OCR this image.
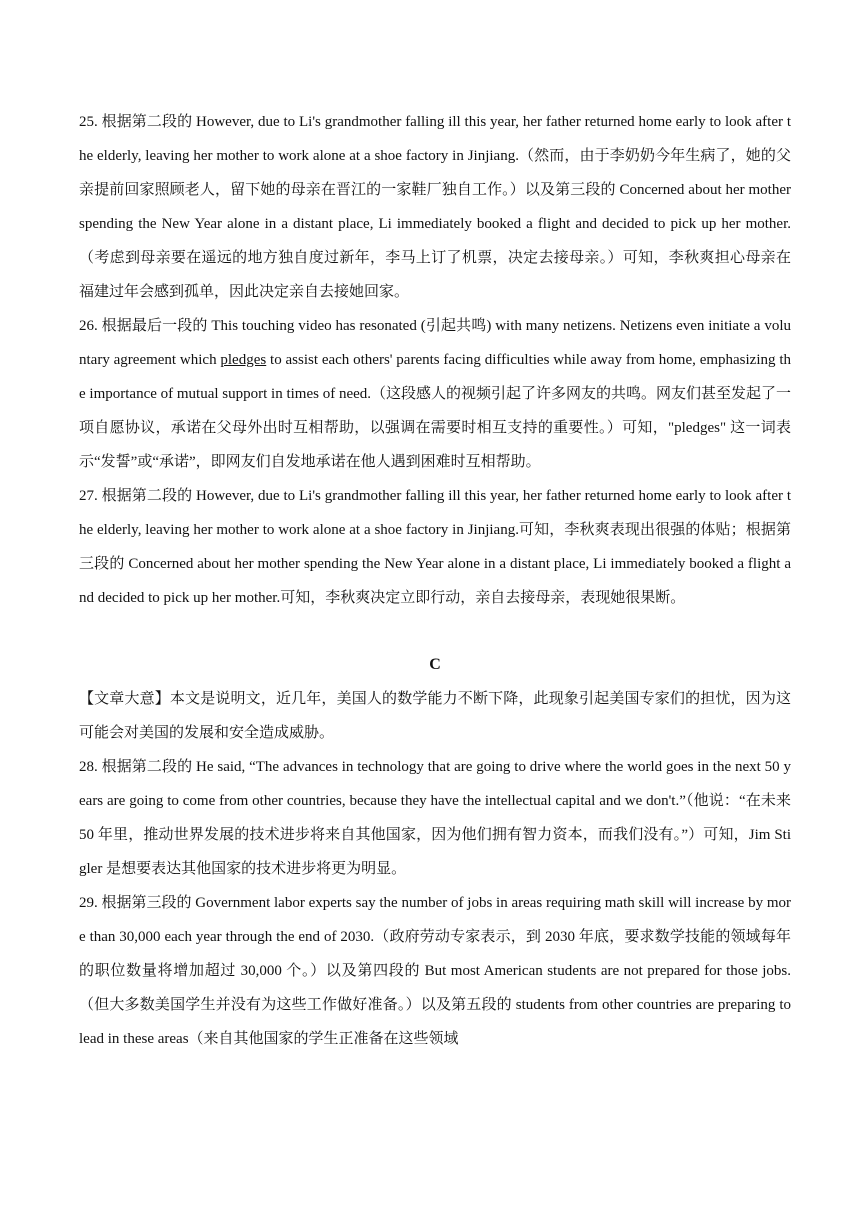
25. 根据第二段的 However, due to Li's grandmother falling ill this year, her father returned home early to look after the elderly, leaving her mother to work alone at a shoe factory in Jinjiang.（然而，由于李奶奶今年生病了，她的父亲提前回家照顾老人，留下她的母亲在晋江的一家鞋厂独自工作。）以及第三段的 Concerned about her mother spending the New Year alone in a distant place, Li immediately booked a flight and decided to pick up her mother.（考虑到母亲要在遥远的地方独自度过新年，李马上订了机票，决定去接母亲。）可知，李秋爽担心母亲在福建过年会感到孤单，因此决定亲自去接她回家。

26. 根据最后一段的 This touching video has resonated (引起共鸣) with many netizens. Netizens even initiate a voluntary agreement which pledges to assist each others' parents facing difficulties while away from home, emphasizing the importance of mutual support in times of need.（这段感人的视频引起了许多网友的共鸣。网友们甚至发起了一项自愿协议，承诺在父母外出时互相帮助，以强调在需要时相互支持的重要性。）可知，"pledges" 这一词表示“发誓”或“承诺”，即网友们自发地承诺在他人遇到困难时互相帮助。

27. 根据第二段的 However, due to Li's grandmother falling ill this year, her father returned home early to look after the elderly, leaving her mother to work alone at a shoe factory in Jinjiang.可知，李秋爽表现出很强的体贴；根据第三段的 Concerned about her mother spending the New Year alone in a distant place, Li immediately booked a flight and decided to pick up her mother.可知，李秋爽决定立即行动，亲自去接母亲，表现她很果断。

C

【文章大意】本文是说明文，近几年，美国人的数学能力不断下降，此现象引起美国专家们的担忧，因为这可能会对美国的发展和安全造成威胁。

28. 根据第二段的 He said, “The advances in technology that are going to drive where the world goes in the next 50 years are going to come from other countries, because they have the intellectual capital and we don't.”（他说：“在未来 50 年里，推动世界发展的技术进步将来自其他国家，因为他们拥有智力资本，而我们没有。”）可知，Jim Stigler 是想要表达其他国家的技术进步将更为明显。

29. 根据第三段的 Government labor experts say the number of jobs in areas requiring math skill will increase by more than 30,000 each year through the end of 2030.（政府劳动专家表示，到 2030 年底，要求数学技能的领域每年的职位数量将增加超过 30,000 个。）以及第四段的 But most American students are not prepared for those jobs.（但大多数美国学生并没有为这些工作做好准备。）以及第五段的 students from other countries are preparing to lead in these areas（来自其他国家的学生正准备在这些领域
